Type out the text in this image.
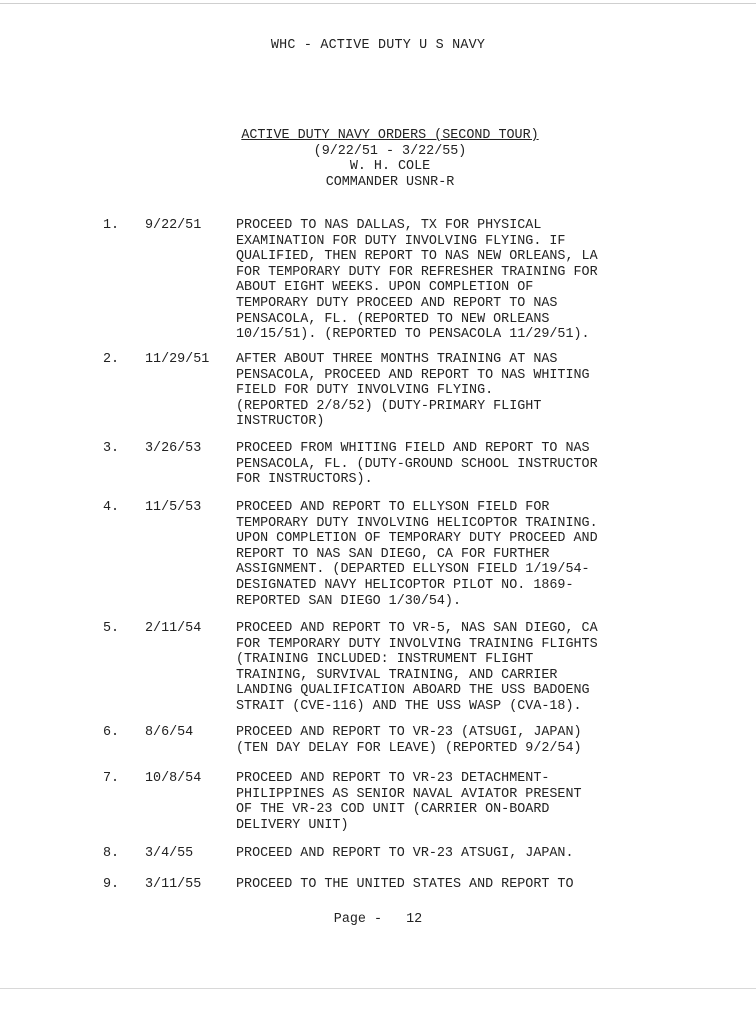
WHC - ACTIVE DUTY U S NAVY
ACTIVE DUTY NAVY ORDERS (SECOND TOUR)
(9/22/51 - 3/22/55)
W. H. COLE
COMMANDER USNR-R
1. 9/22/51	PROCEED TO NAS DALLAS, TX FOR PHYSICAL
EXAMINATION FOR DUTY INVOLVING FLYING. IF
QUALIFIED, THEN REPORT TO NAS NEW ORLEANS, LA
FOR TEMPORARY DUTY FOR REFRESHER TRAINING FOR
ABOUT EIGHT WEEKS. UPON COMPLETION OF
TEMPORARY DUTY PROCEED AND REPORT TO NAS
PENSACOLA, FL. (REPORTED TO NEW ORLEANS
10/15/51). (REPORTED TO PENSACOLA 11/29/51).
2. 11/29/51 AFTER ABOUT THREE MONTHS TRAINING AT NAS
PENSACOLA, PROCEED AND REPORT TO NAS WHITING
FIELD FOR DUTY INVOLVING FLYING.
(REPORTED 2/8/52) (DUTY-PRIMARY FLIGHT
INSTRUCTOR)
3. 3/26/53	PROCEED FROM WHITING FIELD AND REPORT TO NAS
PENSACOLA, FL. (DUTY-GROUND SCHOOL INSTRUCTOR
FOR INSTRUCTORS).
4. 11/5/53	PROCEED AND REPORT TO ELLYSON FIELD FOR
TEMPORARY DUTY INVOLVING HELICOPTOR TRAINING.
UPON COMPLETION OF TEMPORARY DUTY PROCEED AND
REPORT TO NAS SAN DIEGO, CA FOR FURTHER
ASSIGNMENT. (DEPARTED ELLYSON FIELD 1/19/54-
DESIGNATED NAVY HELICOPTOR PILOT NO. 1869-
REPORTED SAN DIEGO 1/30/54).
5. 2/11/54	PROCEED AND REPORT TO VR-5, NAS SAN DIEGO, CA
FOR TEMPORARY DUTY INVOLVING TRAINING FLIGHTS
(TRAINING INCLUDED: INSTRUMENT FLIGHT
TRAINING, SURVIVAL TRAINING, AND CARRIER
LANDING QUALIFICATION ABOARD THE USS BADOENG
STRAIT (CVE-116) AND THE USS WASP (CVA-18).
6. 8/6/54	PROCEED AND REPORT TO VR-23 (ATSUGI, JAPAN)
(TEN DAY DELAY FOR LEAVE) (REPORTED 9/2/54)
7. 10/8/54	PROCEED AND REPORT TO VR-23 DETACHMENT-
PHILIPPINES AS SENIOR NAVAL AVIATOR PRESENT
OF THE VR-23 COD UNIT (CARRIER ON-BOARD
DELIVERY UNIT)
8. 3/4/55	PROCEED AND REPORT TO VR-23 ATSUGI, JAPAN.
9. 3/11/55	PROCEED TO THE UNITED STATES AND REPORT TO
Page - 12
